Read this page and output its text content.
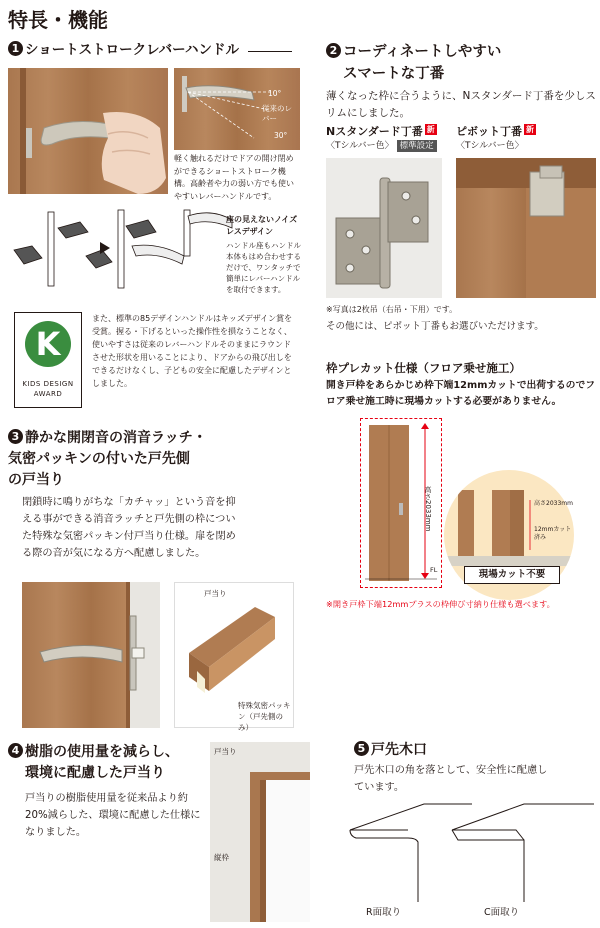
特長・機能
1 ショートストロークレバーハンドル
10°
従来のレバー
30°
軽く触れるだけでドアの開け閉めができるショートストローク機構。高齢者や力の弱い方でも使いやすいレバーハンドルです。
座の見えないノイズレスデザイン
ハンドル座もハンドル本体もはめ合わせするだけで、ワンタッチで簡単にレバーハンドルを取付できます。
K
KIDS DESIGN AWARD
また、標準の85デザインハンドルはキッズデザイン賞を受賞。握る・下げるといった操作性を損なうことなく、使いやすさは従来のレバーハンドルそのままにラウンドさせた形状を用いることにより、ドアからの飛び出しをできるだけなくし、子どもの安全に配慮したデザインとしました。
2 コーディネートしやすい
スマートな丁番
薄くなった枠に合うように、Nスタンダード丁番を少しスリムにしました。
Nスタンダード丁番 新
〈Tシルバー色〉 標準設定
ピボット丁番 新
〈Tシルバー色〉
※写真は2枚吊（右吊・下用）です。
その他には、ピボット丁番もお選びいただけます。
枠プレカット仕様（フロア乗せ施工）
開き戸枠をあらかじめ枠下端12mmカットで出荷するのでフロア乗せ施工時に現場カットする必要がありません。
高さ2033mm
FL
高さ2033mm
12mmカット済み
現場カット不要
※開き戸枠下端12mmプラスの枠伸び寸納り仕様も選べます。
3 静かな開閉音の消音ラッチ・
気密パッキンの付いた戸先側
の戸当り
閉鎖時に鳴りがちな「カチャッ」という音を抑える事ができる消音ラッチと戸先側の枠についた特殊な気密パッキン付戸当り仕様。扉を閉める際の音が気になる方へ配慮しました。
戸当り
特殊気密パッキン（戸先側のみ）
4 樹脂の使用量を減らし、
環境に配慮した戸当り
戸当りの樹脂使用量を従来品より約20%減らした、環境に配慮した仕様になりました。
戸当り
縦枠
5 戸先木口
戸先木口の角を落として、安全性に配慮しています。
R面取り	C面取り
